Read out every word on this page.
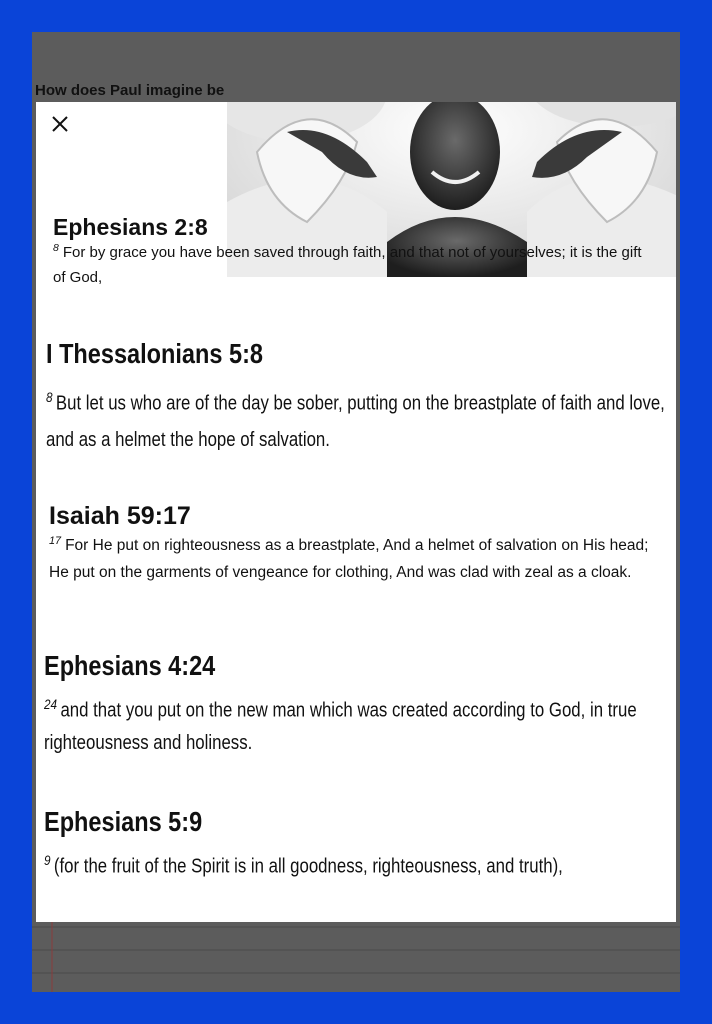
How does Paul imagine be
Ephesians 2:8
$^8$ For by grace you have been saved through faith, and that not of yourselves; it is the gift of God,
I Thessalonians 5:8
$^8$ But let us who are of the day be sober, putting on the breastplate of faith and love, and as a helmet the hope of salvation.
Isaiah 59:17
$^{17}$ For He put on righteousness as a breastplate, And a helmet of salvation on His head; He put on the garments of vengeance for clothing, And was clad with zeal as a cloak.
Ephesians 4:24
$^{24}$ and that you put on the new man which was created according to God, in true righteousness and holiness.
Ephesians 5:9
$^9$ (for the fruit of the Spirit is in all goodness, righteousness, and truth),
